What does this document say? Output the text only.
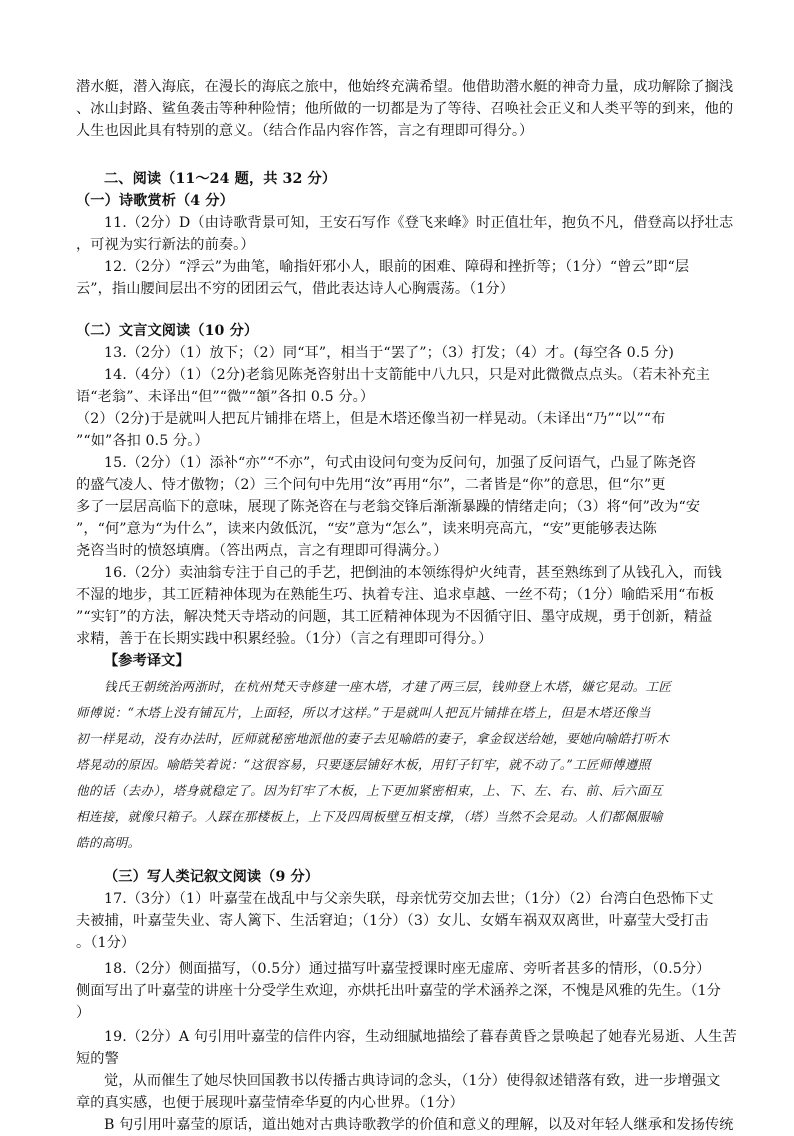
潜水艇，潜入海底，在漫长的海底之旅中，他始终充满希望。他借助潜水艇的神奇力量，成功解除了搁浅
、冰山封路、鲨鱼袭击等种种险情；他所做的一切都是为了等待、召唤社会正义和人类平等的到来，他的
人生也因此具有特别的意义。（结合作品内容作答，言之有理即可得分。）
二、阅读（11～24 题，共 32 分）
（一）诗歌赏析（4 分）
11.（2分）D（由诗歌背景可知，王安石写作《登飞来峰》时正值壮年，抱负不凡，借登高以抒壮志
，可视为实行新法的前奏。）
12.（2分）“浮云”为曲笔，喻指奸邪小人，眼前的困难、障碍和挫折等；（1分）“曾云”即“层
云”，指山腰间层出不穷的团团云气，借此表达诗人心胸震荡。（1分）
（二）文言文阅读（10 分）
13.（2分）（1）放下；（2）同“耳”，相当于“罢了”；（3）打发；（4）才。(每空各 0.5 分)
14.（4分）（1）（2分)老翁见陈尧咨射出十支箭能中八九只，只是对此微微点点头。（若未补充主
语“老翁”、未译出“但”“微”“頷”各扣 0.5 分。）
（2）（2分)于是就叫人把瓦片铺排在塔上，但是木塔还像当初一样晃动。（未译出“乃”“以”“布
”“如”各扣 0.5 分。）
15.（2分）（1）添补“亦”“不亦”，句式由设问句变为反问句，加强了反问语气，凸显了陈尧咨
的盛气凌人、恃才傲物；（2）三个问句中先用“汝”再用“尔”，二者皆是“你”的意思，但“尔”更
多了一层居高临下的意味，展现了陈尧咨在与老翁交锋后渐渐暴躁的情绪走向；（3）将“何”改为“安
”，“何”意为“为什么”，读来内敛低沉，“安”意为“怎么”，读来明亮高亢，“安”更能够表达陈
尧咨当时的愤怒填膺。（答出两点，言之有理即可得满分。）
16.（2分）卖油翁专注于自己的手艺，把倒油的本领练得炉火纯青，甚至熟练到了从钱孔入，而钱
不湿的地步，其工匠精神体现为在熟能生巧、执着专注、追求卓越、一丝不苟；（1分）喻皓采用“布板
”“实钉”的方法，解决梵天寺塔动的问题，其工匠精神体现为不因循守旧、墨守成规，勇于创新，精益
求精，善于在长期实践中积累经验。（1分）（言之有理即可得分。）
【参考译文】
钱氏王朝统治两浙时，在杭州梵天寺修建一座木塔，才建了两三层，钱帅登上木塔，嫌它晃动。工匠
师傅说：“木塔上没有铺瓦片，上面轻，所以才这样。”于是就叫人把瓦片铺排在塔上，但是木塔还像当
初一样晃动，没有办法时，匠师就秘密地派他的妻子去见喻皓的妻子，拿金钗送给她，要她向喻皓打听木
塔晃动的原因。喻皓笑着说：“这很容易，只要逐层铺好木板，用钉子钉牢，就不动了。”工匠师傅遵照
他的话（去办），塔身就稳定了。因为钉牢了木板，上下更加紧密相束，上、下、左、右、前、后六面互
相连接，就像只箱子。人踩在那楼板上，上下及四周板壁互相支撑，（塔）当然不会晃动。人们都佩服喻
皓的高明。
（三）写人类记叙文阅读（9 分）
17.（3分）（1）叶嘉莹在战乱中与父亲失联，母亲忧劳交加去世；（1分）（2）台湾白色恐怖下丈
夫被捕，叶嘉莹失业、寄人篱下、生活窘迫；（1分）（3）女儿、女婿车祸双双离世，叶嘉莹大受打击
。（1分）
18.（2分）侧面描写，（0.5分）通过描写叶嘉莹授课时座无虚席、旁听者甚多的情形，（0.5分）
侧面写出了叶嘉莹的讲座十分受学生欢迎，亦烘托出叶嘉莹的学术涵养之深，不愧是风雅的先生。（1分
）
19.（2分）A 句引用叶嘉莹的信件内容，生动细腻地描绘了暮春黄昏之景唤起了她春光易逝、人生苦
短的警
觉，从而催生了她尽快回国教书以传播古典诗词的念头，（1分）使得叙述错落有致，进一步增强文
章的真实感，也便于展现叶嘉莹情牵华夏的内心世界。（1分）
B 句引用叶嘉莹的原话，道出她对古典诗歌教学的价值和意义的理解，以及对年轻人继承和发扬传统
